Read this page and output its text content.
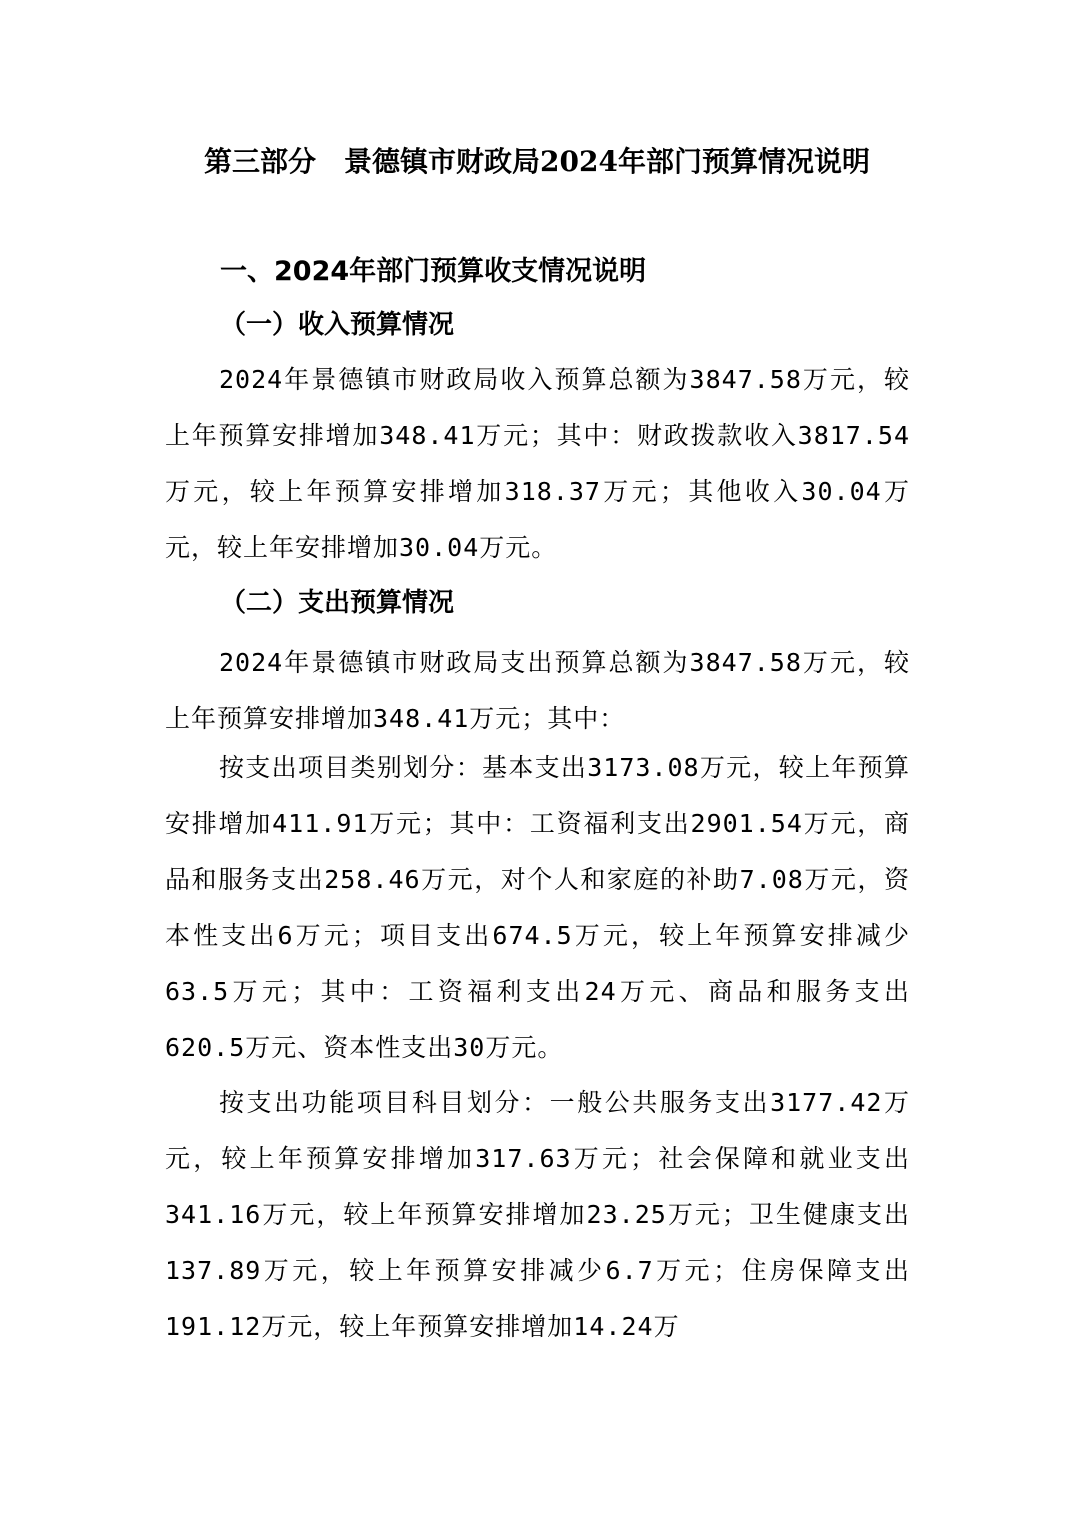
第三部分　景德镇市财政局2024年部门预算情况说明
一、2024年部门预算收支情况说明
（一）收入预算情况

2024年景德镇市财政局收入预算总额为3847.58万元，较上年预算安排增加348.41万元；其中：财政拨款收入3817.54万元，较上年预算安排增加318.37万元；其他收入30.04万元，较上年安排增加30.04万元。

（二）支出预算情况

2024年景德镇市财政局支出预算总额为3847.58万元，较上年预算安排增加348.41万元；其中：

按支出项目类别划分：基本支出3173.08万元，较上年预算安排增加411.91万元；其中：工资福利支出2901.54万元，商品和服务支出258.46万元，对个人和家庭的补助7.08万元，资本性支出6万元；项目支出674.5万元，较上年预算安排减少63.5万元；其中：工资福利支出24万元、商品和服务支出620.5万元、资本性支出30万元。

按支出功能项目科目划分：一般公共服务支出3177.42万元，较上年预算安排增加317.63万元；社会保障和就业支出341.16万元，较上年预算安排增加23.25万元；卫生健康支出137.89万元，较上年预算安排减少6.7万元；住房保障支出191.12万元，较上年预算安排增加14.24万
